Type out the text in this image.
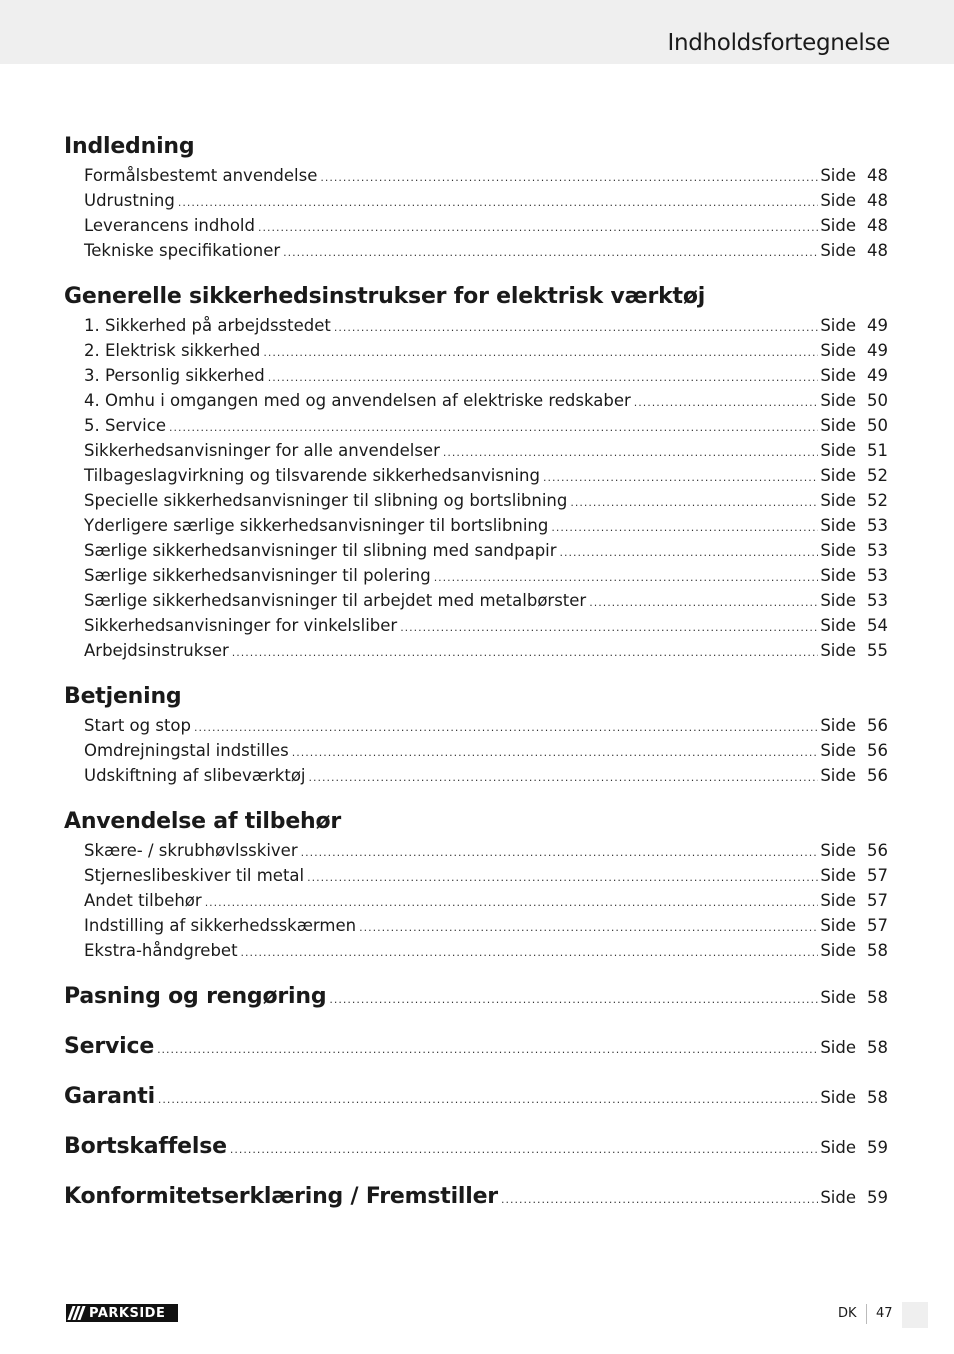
Indholdsfortegnelse
Indledning
Formålsbestemt anvendelse .....	Side 48
Udrustning .....	Side 48
Leverancens indhold .....	Side 48
Tekniske specifikationer .....	Side 48
Generelle sikkerhedsinstrukser for elektrisk værktøj
1. Sikkerhed på arbejdsstedet .....	Side 49
2. Elektrisk sikkerhed .....	Side 49
3. Personlig sikkerhed .....	Side 49
4. Omhu i omgangen med og anvendelsen af elektriske redskaber .....	Side 50
5. Service .....	Side 50
Sikkerhedsanvisninger for alle anvendelser .....	Side 51
Tilbageslagvirkning og tilsvarende sikkerhedsanvisning .....	Side 52
Specielle sikkerhedsanvisninger til slibning og bortslibning .....	Side 52
Yderligere særlige sikkerhedsanvisninger til bortslibning .....	Side 53
Særlige sikkerhedsanvisninger til slibning med sandpapir .....	Side 53
Særlige sikkerhedsanvisninger til polering .....	Side 53
Særlige sikkerhedsanvisninger til arbejdet med metalbørster .....	Side 53
Sikkerhedsanvisninger for vinkelsliber .....	Side 54
Arbejdsinstrukser .....	Side 55
Betjening
Start og stop .....	Side 56
Omdrejningstal indstilles .....	Side 56
Udskiftning af slibeværktøj .....	Side 56
Anvendelse af tilbehør
Skære- / skrubhøvlsskiver .....	Side 56
Stjerneslibeskiver til metal .....	Side 57
Andet tilbehør .....	Side 57
Indstilling af sikkerhedsskærmen .....	Side 57
Ekstra-håndgrebet .....	Side 58
Pasning og rengøring .....	Side 58
Service .....	Side 58
Garanti .....	Side 58
Bortskaffelse .....	Side 59
Konformitetserklæring / Fremstiller .....	Side 59
PARKSIDE	DK 47
